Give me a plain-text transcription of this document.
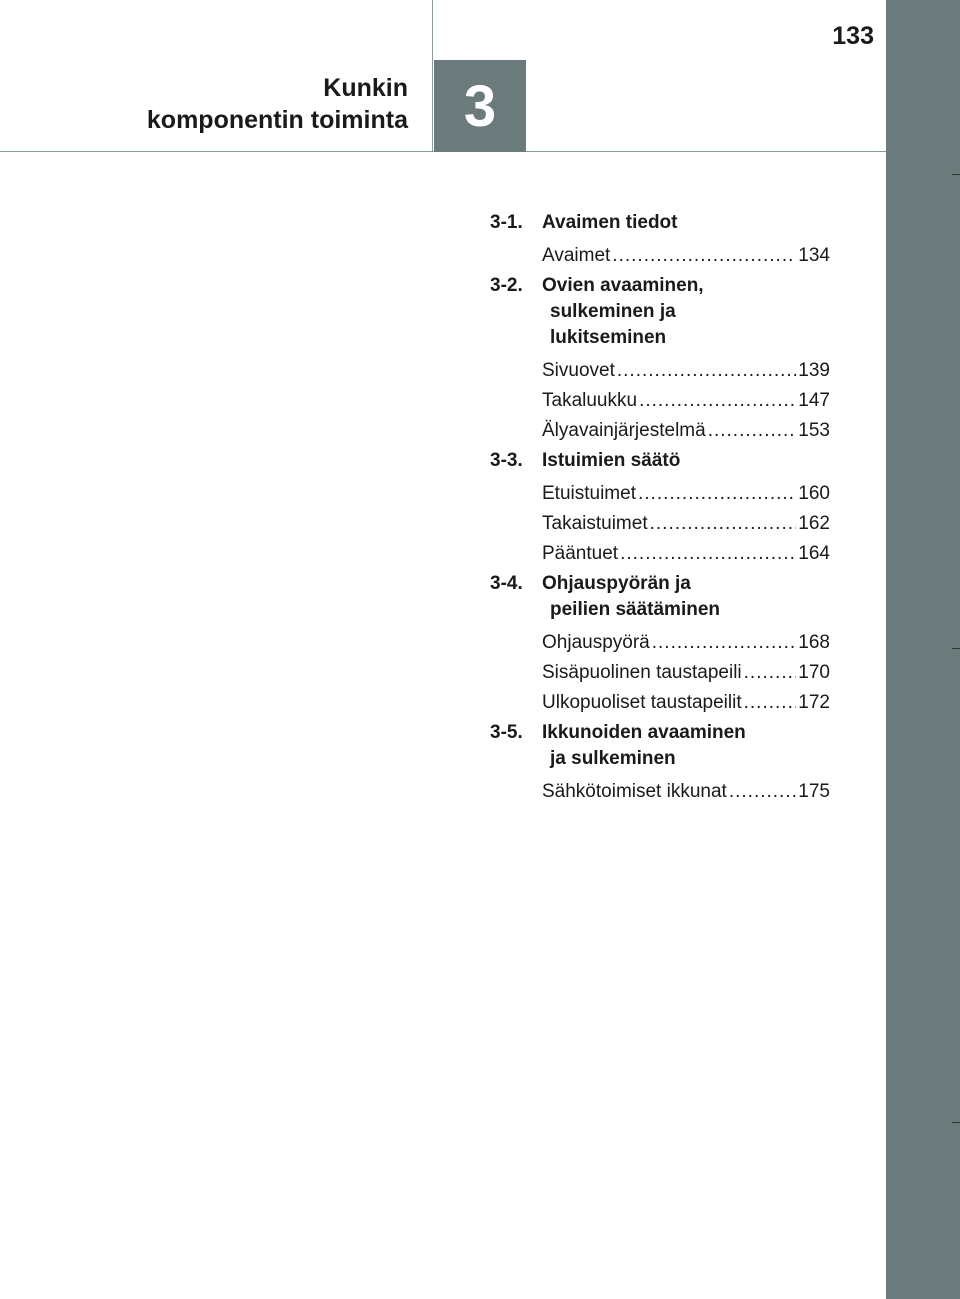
133
Kunkin
komponentin toiminta 3
3-1.	Avaimen tiedot
Avaimet .....	134
3-2.	Ovien avaaminen,
sulkeminen ja
lukitseminen
Sivuovet .....	139
Takaluukku .....	147
Älyavainjärjestelmä .....	153
3-3.	Istuimien säätö
Etuistuimet .....	160
Takaistuimet .....	162
Pääntuet .....	164
3-4.	Ohjauspyörän ja
peilien säätäminen
Ohjauspyörä .....	168
Sisäpuolinen taustapeili .....	170
Ulkopuoliset taustapeilit .....	172
3-5.	Ikkunoiden avaaminen
ja sulkeminen
Sähkötoimiset ikkunat .....	175
